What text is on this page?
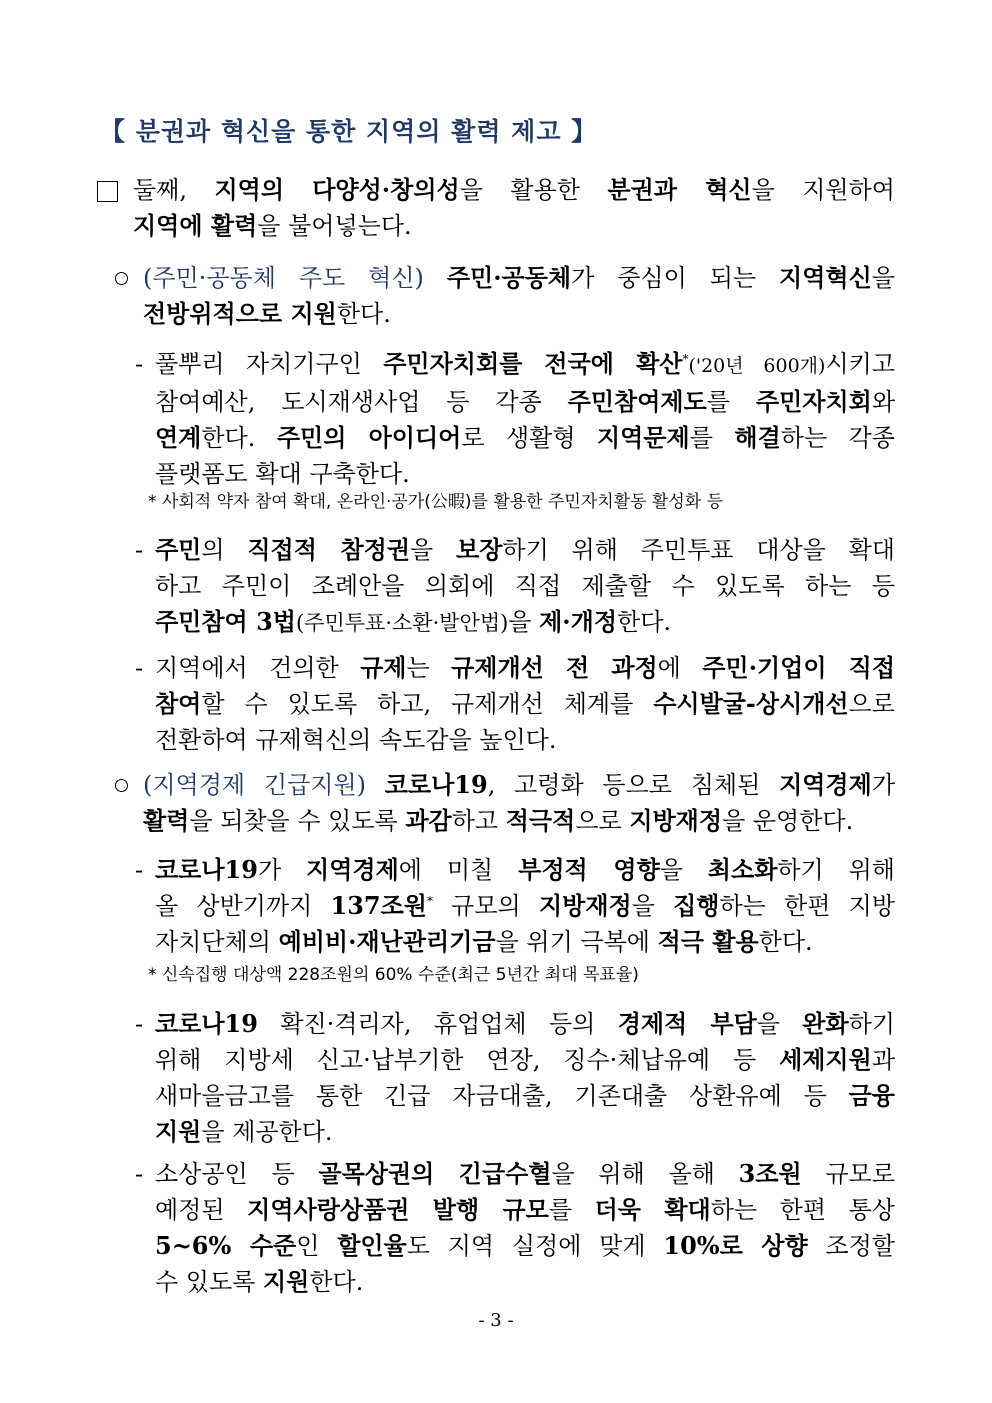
【 분권과 혁신을 통한 지역의 활력 제고 】
둘째, 지역의 다양성·창의성을 활용한 분권과 혁신을 지원하여
지역에 활력을 불어넣는다.
(주민·공동체 주도 혁신) 주민·공동체가 중심이 되는 지역혁신을
전방위적으로 지원한다.
- 풀뿌리 자치기구인 주민자치회를 전국에 확산*('20년 600개)시키고
참여예산, 도시재생사업 등 각종 주민참여제도를 주민자치회와
연계한다. 주민의 아이디어로 생활형 지역문제를 해결하는 각종
플랫폼도 확대 구축한다.
* 사회적 약자 참여 확대, 온라인·공가(公暇)를 활용한 주민자치활동 활성화 등
- 주민의 직접적 참정권을 보장하기 위해 주민투표 대상을 확대
하고 주민이 조례안을 의회에 직접 제출할 수 있도록 하는 등
주민참여 3법(주민투표·소환·발안법)을 제·개정한다.
- 지역에서 건의한 규제는 규제개선 전 과정에 주민·기업이 직접
참여할 수 있도록 하고, 규제개선 체계를 수시발굴-상시개선으로
전환하여 규제혁신의 속도감을 높인다.
(지역경제 긴급지원) 코로나19, 고령화 등으로 침체된 지역경제가
활력을 되찾을 수 있도록 과감하고 적극적으로 지방재정을 운영한다.
- 코로나19가 지역경제에 미칠 부정적 영향을 최소화하기 위해
올 상반기까지 137조원* 규모의 지방재정을 집행하는 한편 지방
자치단체의 예비비·재난관리기금을 위기 극복에 적극 활용한다.
* 신속집행 대상액 228조원의 60% 수준(최근 5년간 최대 목표율)
- 코로나19 확진·격리자, 휴업업체 등의 경제적 부담을 완화하기
위해 지방세 신고·납부기한 연장, 징수·체납유예 등 세제지원과
새마을금고를 통한 긴급 자금대출, 기존대출 상환유예 등 금융
지원을 제공한다.
- 소상공인 등 골목상권의 긴급수혈을 위해 올해 3조원 규모로
예정된 지역사랑상품권 발행 규모를 더욱 확대하는 한편 통상
5~6% 수준인 할인율도 지역 실정에 맞게 10%로 상향 조정할
수 있도록 지원한다.
- 3 -
